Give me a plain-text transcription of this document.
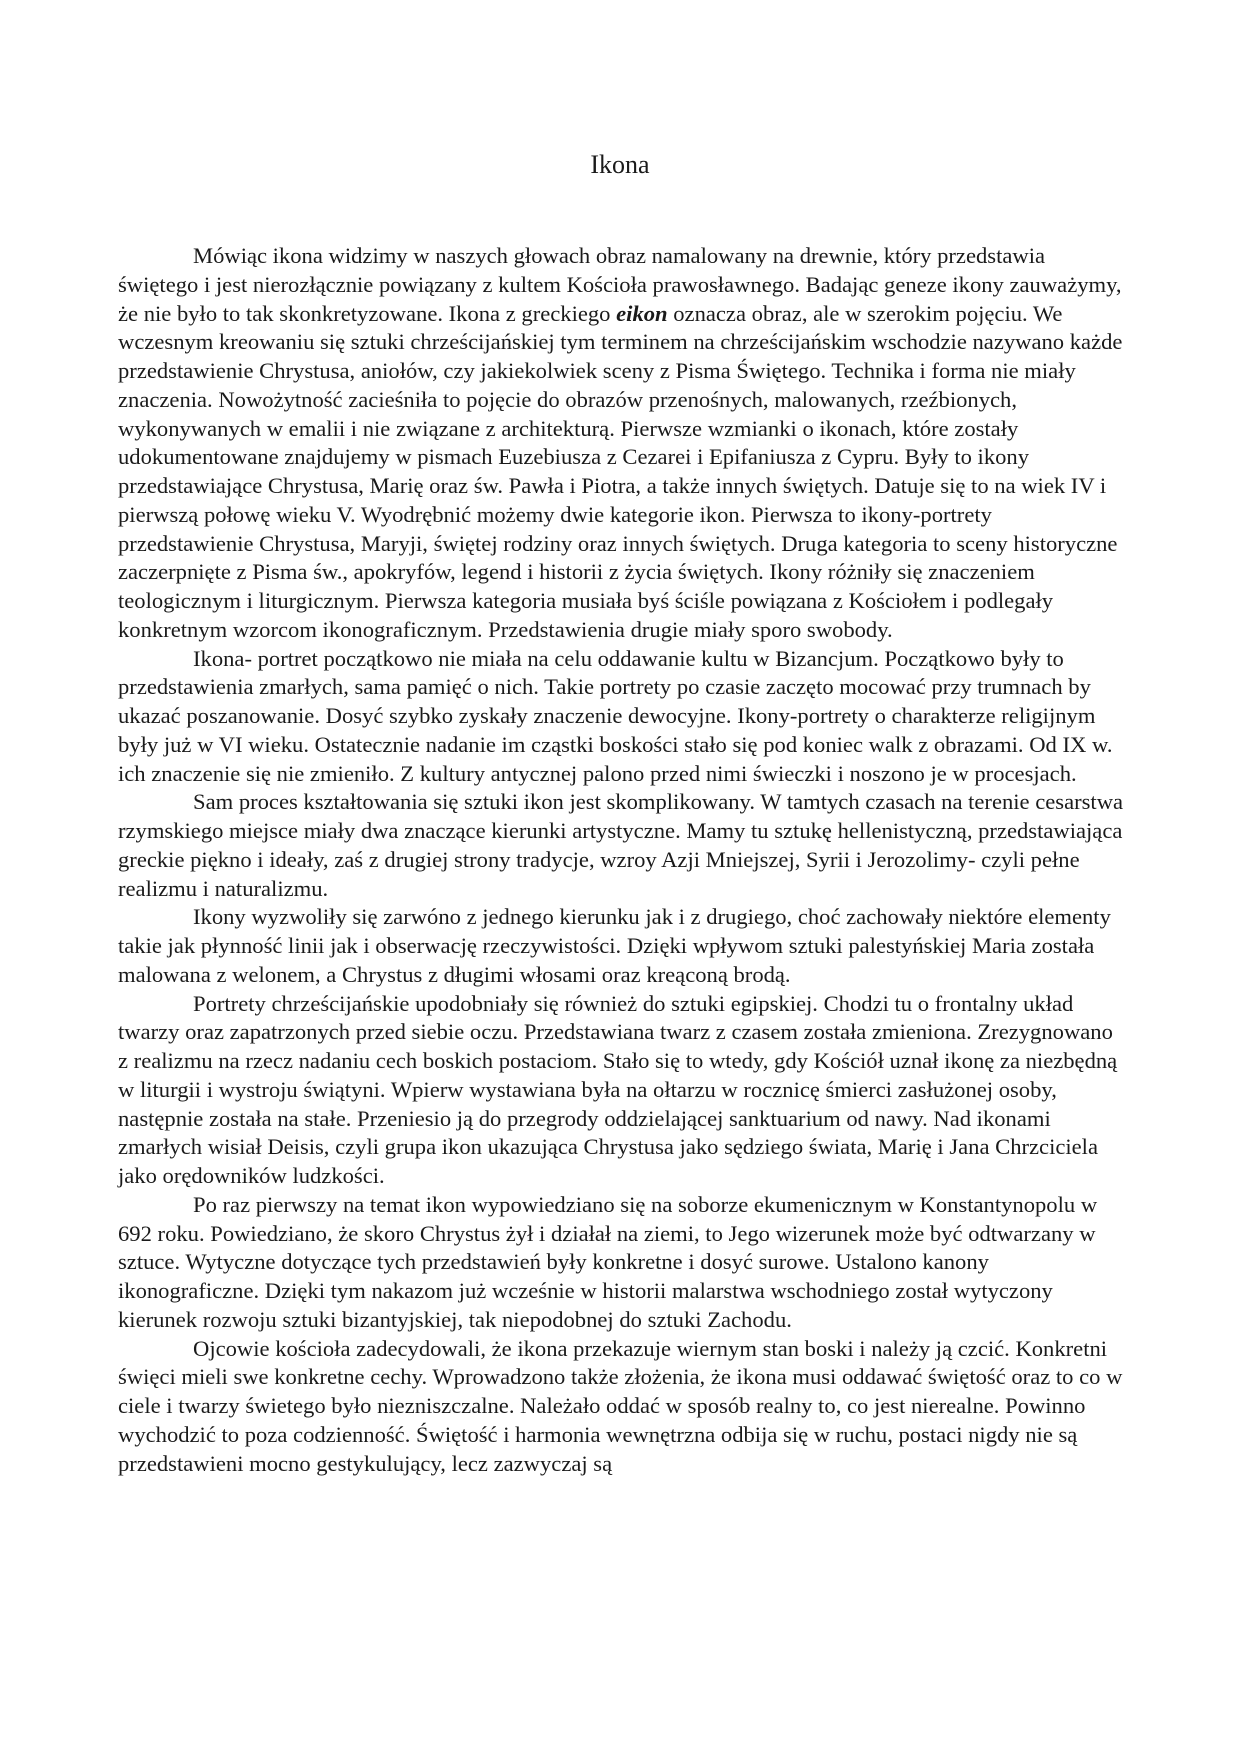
Ikona

Mówiąc ikona widzimy w naszych głowach obraz namalowany na drewnie, który przedstawia świętego i jest nierozłącznie powiązany z kultem Kościoła prawosławnego. Badając geneze ikony zauważymy, że nie było to tak skonkretyzowane. Ikona z greckiego eikon oznacza obraz, ale w szerokim pojęciu. We wczesnym kreowaniu się sztuki chrześcijańskiej tym terminem na chrześcijańskim wschodzie nazywano każde przedstawienie Chrystusa, aniołów, czy jakiekolwiek sceny z Pisma Świętego. Technika i forma nie miały znaczenia. Nowożytność zacieśniła to pojęcie do obrazów przenośnych, malowanych, rzeźbionych, wykonywanych w emalii i nie związane z architekturą. Pierwsze wzmianki o ikonach, które zostały udokumentowane znajdujemy w pismach Euzebiusza z Cezarei i Epifaniusza z Cypru. Były to ikony przedstawiające Chrystusa, Marię oraz św. Pawła i Piotra, a także innych świętych. Datuje się to na wiek IV i pierwszą połowę wieku V. Wyodrębnić możemy dwie kategorie ikon. Pierwsza to ikony-portrety przedstawienie Chrystusa, Maryji, świętej rodziny oraz innych świętych. Druga kategoria to sceny historyczne zaczerpnięte z Pisma św., apokryfów, legend i historii z życia świętych. Ikony różniły się znaczeniem teologicznym i liturgicznym. Pierwsza kategoria musiała byś ściśle powiązana z Kościołem i podlegały konkretnym wzorcom ikonograficznym. Przedstawienia drugie miały sporo swobody.

Ikona- portret początkowo nie miała na celu oddawanie kultu w Bizancjum. Początkowo były to przedstawienia zmarłych, sama pamięć o nich. Takie portrety po czasie zaczęto mocować przy trumnach by ukazać poszanowanie. Dosyć szybko zyskały znaczenie dewocyjne. Ikony-portrety o charakterze religijnym były już w VI wieku. Ostatecznie nadanie im cząstki boskości stało się pod koniec walk z obrazami. Od IX w. ich znaczenie się nie zmieniło. Z kultury antycznej palono przed nimi świeczki i noszono je w procesjach.

Sam proces kształtowania się sztuki ikon jest skomplikowany. W tamtych czasach na terenie cesarstwa rzymskiego miejsce miały dwa znaczące kierunki artystyczne. Mamy tu sztukę hellenistyczną, przedstawiająca greckie piękno i ideały, zaś z drugiej strony tradycje, wzroy Azji Mniejszej, Syrii i Jerozolimy- czyli pełne realizmu i naturalizmu.

Ikony wyzwoliły się zarwóno z jednego kierunku jak i z drugiego, choć zachowały niektóre elementy takie jak płynność linii jak i obserwację rzeczywistości. Dzięki wpływom sztuki palestyńskiej Maria została malowana z welonem, a Chrystus z długimi włosami oraz kreąconą brodą.

Portrety chrześcijańskie upodobniały się również do sztuki egipskiej. Chodzi tu o frontalny układ twarzy oraz zapatrzonych przed siebie oczu. Przedstawiana twarz z czasem została zmieniona. Zrezygnowano z realizmu na rzecz nadaniu cech boskich postaciom. Stało się to wtedy, gdy Kościół uznał ikonę za niezbędną w liturgii i wystroju świątyni. Wpierw wystawiana była na ołtarzu w rocznicę śmierci zasłużonej osoby, następnie została na stałe. Przeniesio ją do przegrody oddzielającej sanktuarium od nawy. Nad ikonami zmarłych wisiał Deisis, czyli grupa ikon ukazująca Chrystusa jako sędziego świata, Marię i Jana Chrzciciela jako orędowników ludzkości.

Po raz pierwszy na temat ikon wypowiedziano się na soborze ekumenicznym w Konstantynopolu w 692 roku. Powiedziano, że skoro Chrystus żył i działał na ziemi, to Jego wizerunek może być odtwarzany w sztuce. Wytyczne dotyczące tych przedstawień były konkretne i dosyć surowe. Ustalono kanony ikonograficzne. Dzięki tym nakazom już wcześnie w historii malarstwa wschodniego został wytyczony kierunek rozwoju sztuki bizantyjskiej, tak niepodobnej do sztuki Zachodu.

Ojcowie kościoła zadecydowali, że ikona przekazuje wiernym stan boski i należy ją czcić. Konkretni święci mieli swe konkretne cechy. Wprowadzono także złożenia, że ikona musi oddawać świętość oraz to co w ciele i twarzy świetego było niezniszczalne. Należało oddać w sposób realny to, co jest nierealne. Powinno wychodzić to poza codzienność. Świętość i harmonia wewnętrzna odbija się w ruchu, postaci nigdy nie są przedstawieni mocno gestykulujący, lecz zazwyczaj są
